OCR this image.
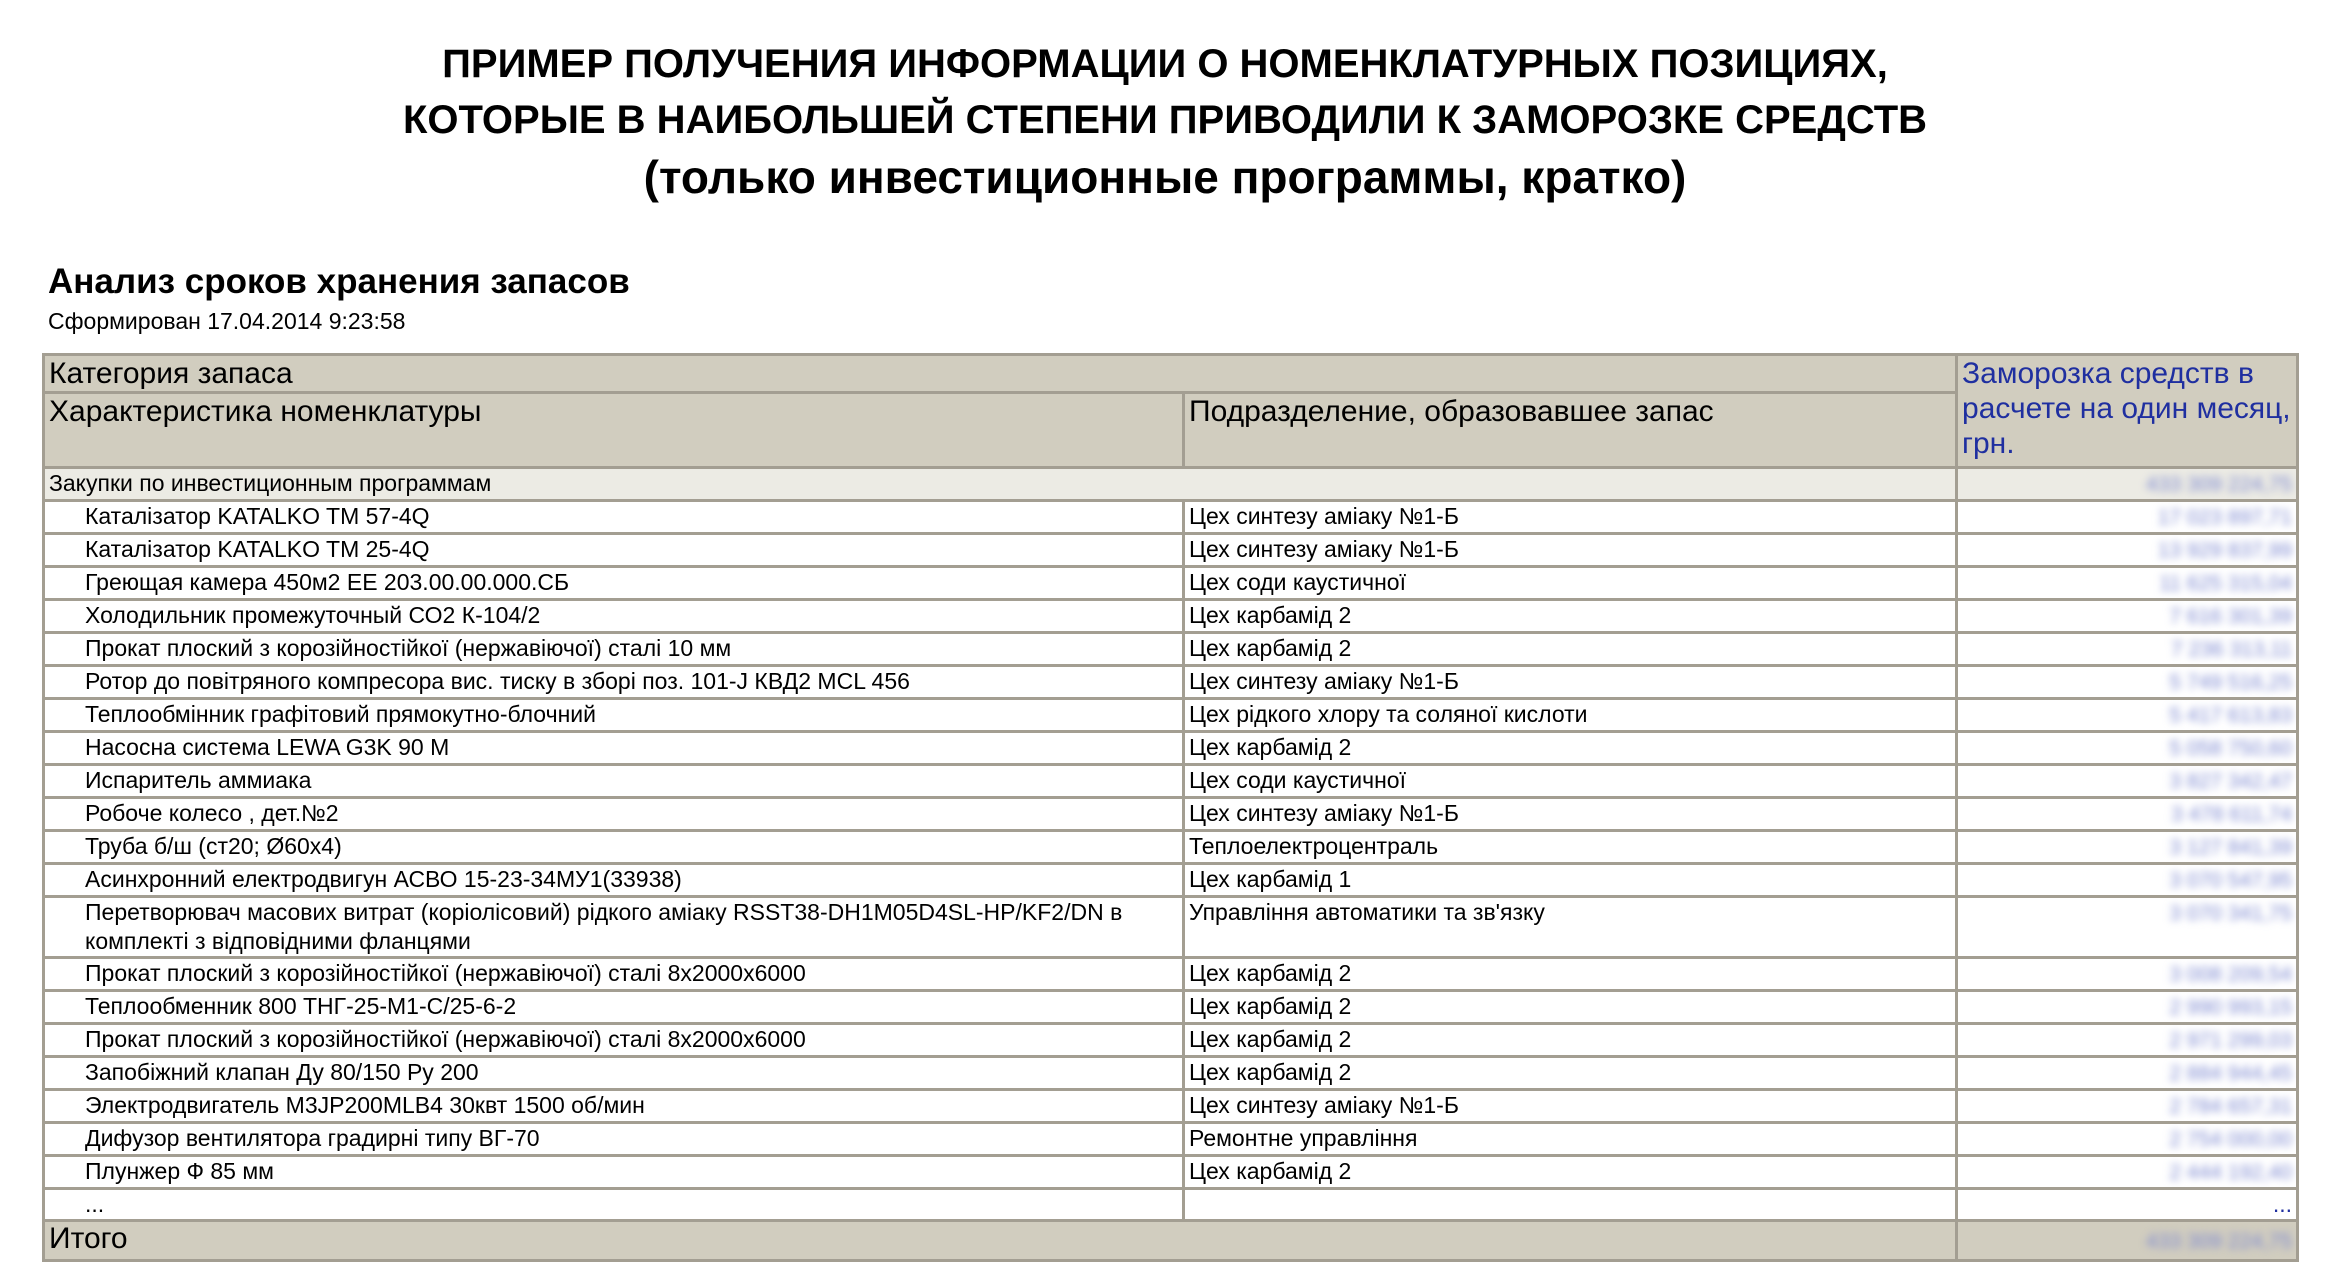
ПРИМЕР ПОЛУЧЕНИЯ ИНФОРМАЦИИ О НОМЕНКЛАТУРНЫХ ПОЗИЦИЯХ,
КОТОРЫЕ В НАИБОЛЬШЕЙ СТЕПЕНИ ПРИВОДИЛИ К ЗАМОРОЗКЕ СРЕДСТВ
(только инвестиционные программы, кратко)
Анализ сроков хранения запасов
Сформирован 17.04.2014 9:23:58
Категория запаса		Заморозка средств в расчете на один месяц, грн.
Характеристика номенклатуры	Подразделение, образовавшее запас	
Закупки по инвестиционным программам		433 309 224,75
Каталізатор KATALKO TM 57-4Q	Цех синтезу аміаку №1-Б	17 023 897,71
Каталізатор KATALKO TM 25-4Q	Цех синтезу аміаку №1-Б	13 929 837,99
Греющая камера 450м2 ЕЕ 203.00.00.000.СБ	Цех соди каустичної	11 625 315,04
Холодильник промежуточный СО2 К-104/2	Цех карбамід 2	7 616 301,39
Прокат плоский з корозійностійкої (нержавіючої) сталі 10 мм	Цех карбамід 2	7 236 313,11
Ротор до повітряного компресора вис. тиску в зборі поз. 101-J КВД2 MCL 456	Цех синтезу аміаку №1-Б	5 749 516,25
Теплообмінник графітовий прямокутно-блочний	Цех рідкого хлору та соляної кислоти	5 417 613,83
Насосна система LEWA G3K 90 M	Цех карбамід 2	5 058 750,60
Испаритель аммиака	Цех соди каустичної	3 827 342,47
Робоче колесо , дет.№2	Цех синтезу аміаку №1-Б	3 478 611,74
Труба б/ш (ст20; Ø60х4)	Теплоелектроцентраль	3 127 841,39
Асинхронний електродвигун АСВО 15-23-34МУ1(33938)	Цех карбамід 1	3 070 547,95
Перетворювач масових витрат (коріолісовий) рідкого аміаку RSST38-DH1M05D4SL-HP/KF2/DN в комплекті з відповідними фланцями	Управління автоматики та зв'язку	3 070 341,75
Прокат плоский з корозійностійкої (нержавіючої) сталі 8х2000х6000	Цех карбамід 2	3 008 209,54
Теплообменник 800 ТНГ-25-М1-С/25-6-2	Цех карбамід 2	2 990 993,15
Прокат плоский з корозійностійкої (нержавіючої) сталі 8х2000х6000	Цех карбамід 2	2 971 299,03
Запобіжний клапан Ду 80/150 Ру 200	Цех карбамід 2	2 884 944,45
Электродвигатель M3JP200MLB4 30квт 1500 об/мин	Цех синтезу аміаку №1-Б	2 784 657,31
Дифузор вентилятора градирні типу ВГ-70	Ремонтне управління	2 754 000,00
Плунжер Ф 85 мм	Цех карбамід 2	2 444 192,40
...		...
Итого		433 309 224,75
